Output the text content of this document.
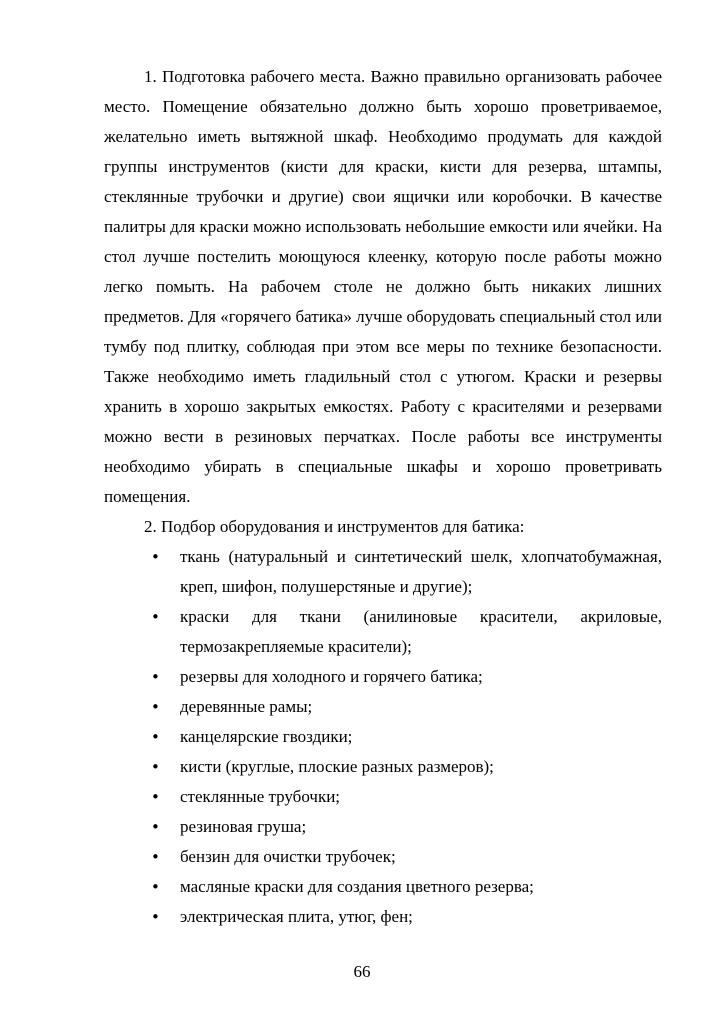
1. Подготовка рабочего места. Важно правильно организовать рабочее место. Помещение обязательно должно быть хорошо проветриваемое, желательно иметь вытяжной шкаф. Необходимо продумать для каждой группы инструментов (кисти для краски, кисти для резерва, штампы, стеклянные трубочки и другие) свои ящички или коробочки. В качестве палитры для краски можно использовать небольшие емкости или ячейки. На стол лучше постелить моющуюся клеенку, которую после работы можно легко помыть. На рабочем столе не должно быть никаких лишних предметов. Для «горячего батика» лучше оборудовать специальный стол или тумбу под плитку, соблюдая при этом все меры по технике безопасности. Также необходимо иметь гладильный стол с утюгом. Краски и резервы хранить в хорошо закрытых емкостях. Работу с красителями и резервами можно вести в резиновых перчатках. После работы все инструменты необходимо убирать в специальные шкафы и хорошо проветривать помещения.

2. Подбор оборудования и инструментов для батика:

• ткань (натуральный и синтетический шелк, хлопчатобумажная, креп, шифон, полушерстяные и другие);
• краски для ткани (анилиновые красители, акриловые, термозакрепляемые красители);
• резервы для холодного и горячего батика;
• деревянные рамы;
• канцелярские гвоздики;
• кисти (круглые, плоские разных размеров);
• стеклянные трубочки;
• резиновая груша;
• бензин для очистки трубочек;
• масляные краски для создания цветного резерва;
• электрическая плита, утюг, фен;
66
